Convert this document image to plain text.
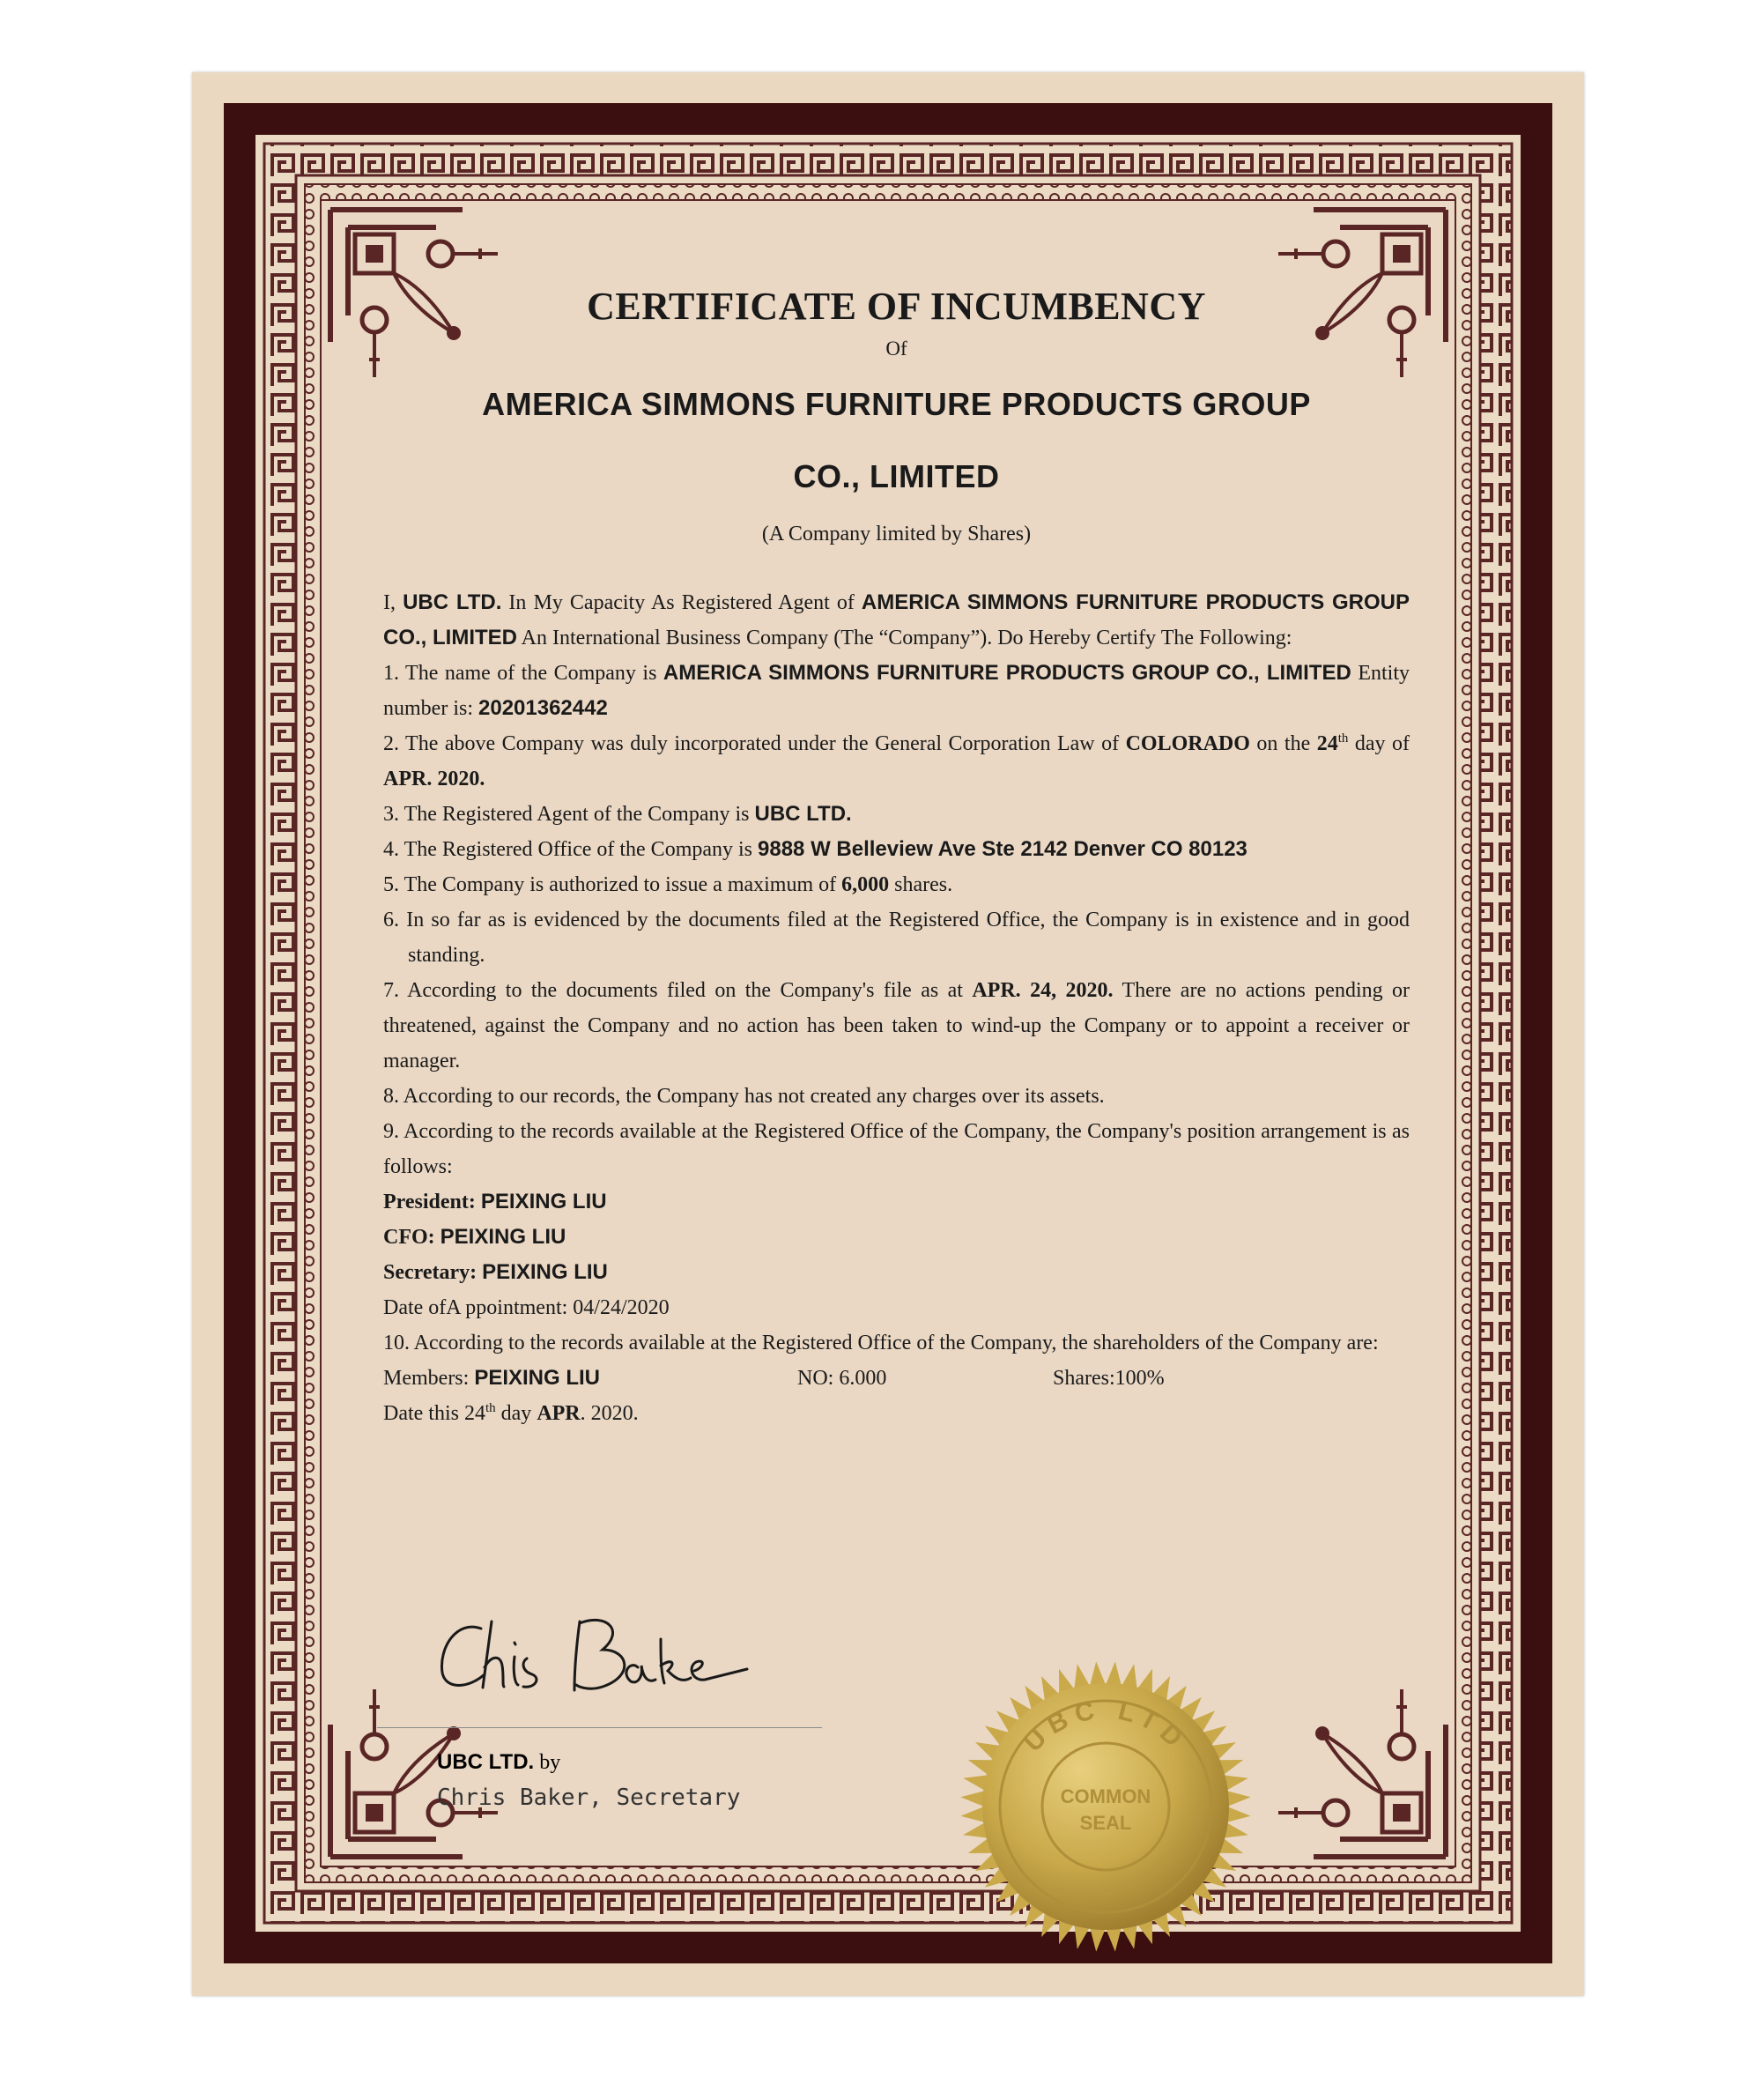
CERTIFICATE OF INCUMBENCY
Of
AMERICA SIMMONS FURNITURE PRODUCTS GROUP
CO., LIMITED
(A Company limited by Shares)
I, UBC LTD. In My Capacity As Registered Agent of AMERICA SIMMONS FURNITURE PRODUCTS GROUP CO., LIMITED An International Business Company (The “Company”). Do Hereby Certify The Following:
1. The name of the Company is AMERICA SIMMONS FURNITURE PRODUCTS GROUP CO., LIMITED Entity number is: 20201362442
2. The above Company was duly incorporated under the General Corporation Law of COLORADO on the 24th day of APR. 2020.
3. The Registered Agent of the Company is UBC LTD.
4. The Registered Office of the Company is 9888 W Belleview Ave Ste 2142 Denver CO 80123
5. The Company is authorized to issue a maximum of 6,000 shares.
6. In so far as is evidenced by the documents filed at the Registered Office, the Company is in existence and in good standing.
7. According to the documents filed on the Company's file as at APR. 24, 2020. There are no actions pending or threatened, against the Company and no action has been taken to wind-up the Company or to appoint a receiver or manager.
8. According to our records, the Company has not created any charges over its assets.
9. According to the records available at the Registered Office of the Company, the Company's position arrangement is as follows:
President: PEIXING LIU
CFO: PEIXING LIU
Secretary: PEIXING LIU
Date ofA ppointment: 04/24/2020
10. According to the records available at the Registered Office of the Company, the shareholders of the Company are:
Members: PEIXING LIU	NO: 6.000	Shares:100%
Date this 24th day APR. 2020.
UBC LTD. by
Chris Baker, Secretary
UBC LTD
COMMON
SEAL
